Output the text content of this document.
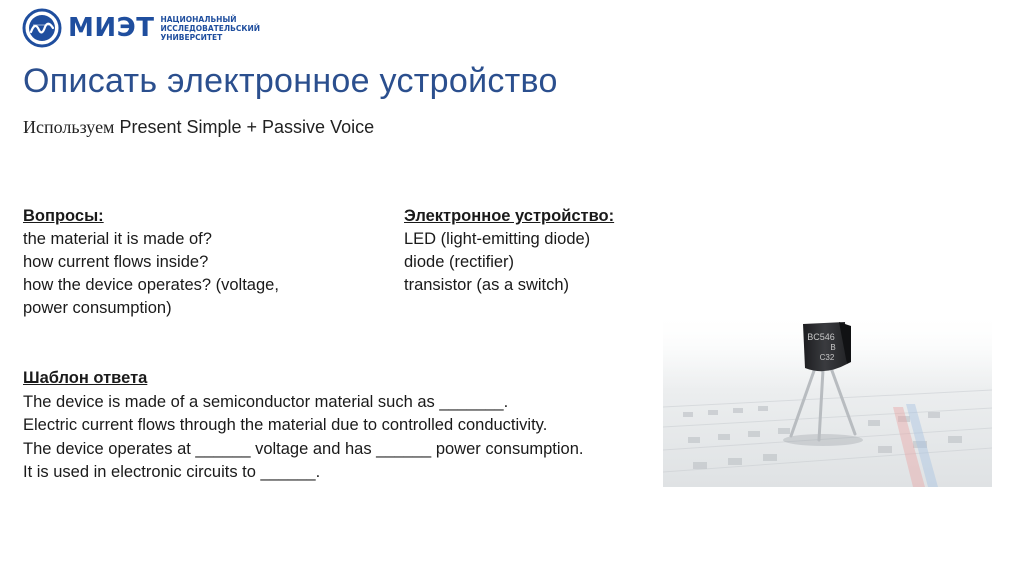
МИЭТ НАЦИОНАЛЬНЫЙ
ИССЛЕДОВАТЕЛЬСКИЙ
УНИВЕРСИТЕТ
Описать электронное устройство
Используем Present Simple + Passive Voice
Вопросы:
the material it is made of?
how current flows inside?
how the device operates? (voltage,
power consumption)
Электронное устройство:
LED (light-emitting diode)
diode (rectifier)
transistor (as a switch)
Шаблон ответа
The device is made of a semiconductor material such as _______.
Electric current flows through the material due to controlled conductivity.
The device operates at ______ voltage and has ______ power consumption.
It is used in electronic circuits to ______.
BC546
B
C32
